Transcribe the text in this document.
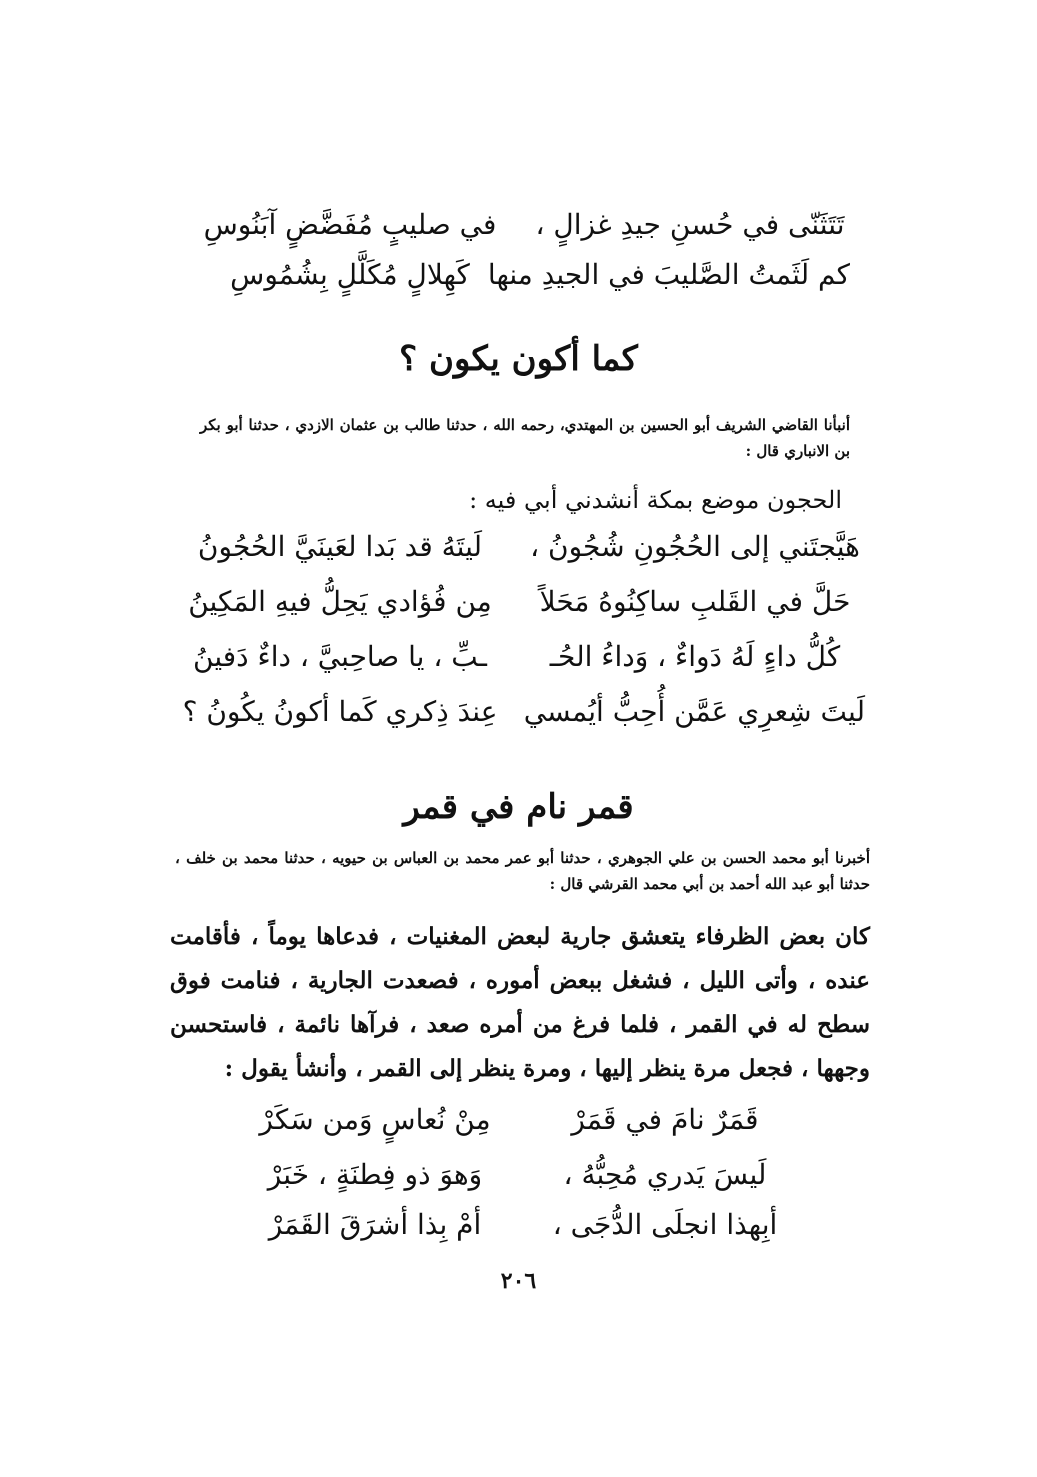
تَتَثَنّى في حُسنِ جيدِ غزالٍ ،في صليبٍ مُفَضَّضٍ آبَنُوسِ
كم لَثَمتُ الصَّليبَ في الجيدِ منهاكَهِلالٍ مُكَلَّلٍ بِشُمُوسِ
كما أكون يكون ؟
أنبأنا القاضي الشريف أبو الحسين بن المهتدي، رحمه الله ، حدثنا طالب بن عثمان الازدي ، حدثنا أبو بكر بن الانباري قال :
الحجون موضع بمكة أنشدني أبي فيه :
هَيَّجتَني إلى الحُجُونِ شُجُونُ ،لَيتَهُ قد بَدا لعَينَيَّ الحُجُونُ
حَلَّ في القَلبِ ساكِنُوهُ مَحَلاًمِن فُؤادي يَحِلُّ فيهِ المَكِينُ
كُلُّ داءٍ لَهُ دَواءٌ ، وَداءُ الحُــبِّ ، يا صاحِبيَّ ، داءٌ دَفينُ
لَيتَ شِعرِي عَمَّن أُحِبُّ أيُمسيعِندَ ذِكري كَما أكونُ يكُونُ ؟
قمر نام في قمر
أخبرنا أبو محمد الحسن بن علي الجوهري ، حدثنا أبو عمر محمد بن العباس بن حيويه ، حدثنا محمد بن خلف ، حدثنا أبو عبد الله أحمد بن أبي محمد القرشي قال :
كان بعض الظرفاء يتعشق جارية لبعض المغنيات ، فدعاها يوماً ، فأقامت عنده ، وأتى الليل ، فشغل ببعض أموره ، فصعدت الجارية ، فنامت فوق سطح له في القمر ، فلما فرغ من أمره صعد ، فرآها نائمة ، فاستحسن وجهها ، فجعل مرة ينظر إليها ، ومرة ينظر إلى القمر ، وأنشأ يقول :
قَمَرٌ نامَ في قَمَرْمِنْ نُعاسٍ وَمن سَكَرْ
لَيسَ يَدري مُحِبُّهُ ،وَهوَ ذو فِطنَةٍ ، خَبَرْ
أبِهذا انجلَى الدُّجَى ،أمْ بِذا أشرَقَ القَمَرْ
٢٠٦
